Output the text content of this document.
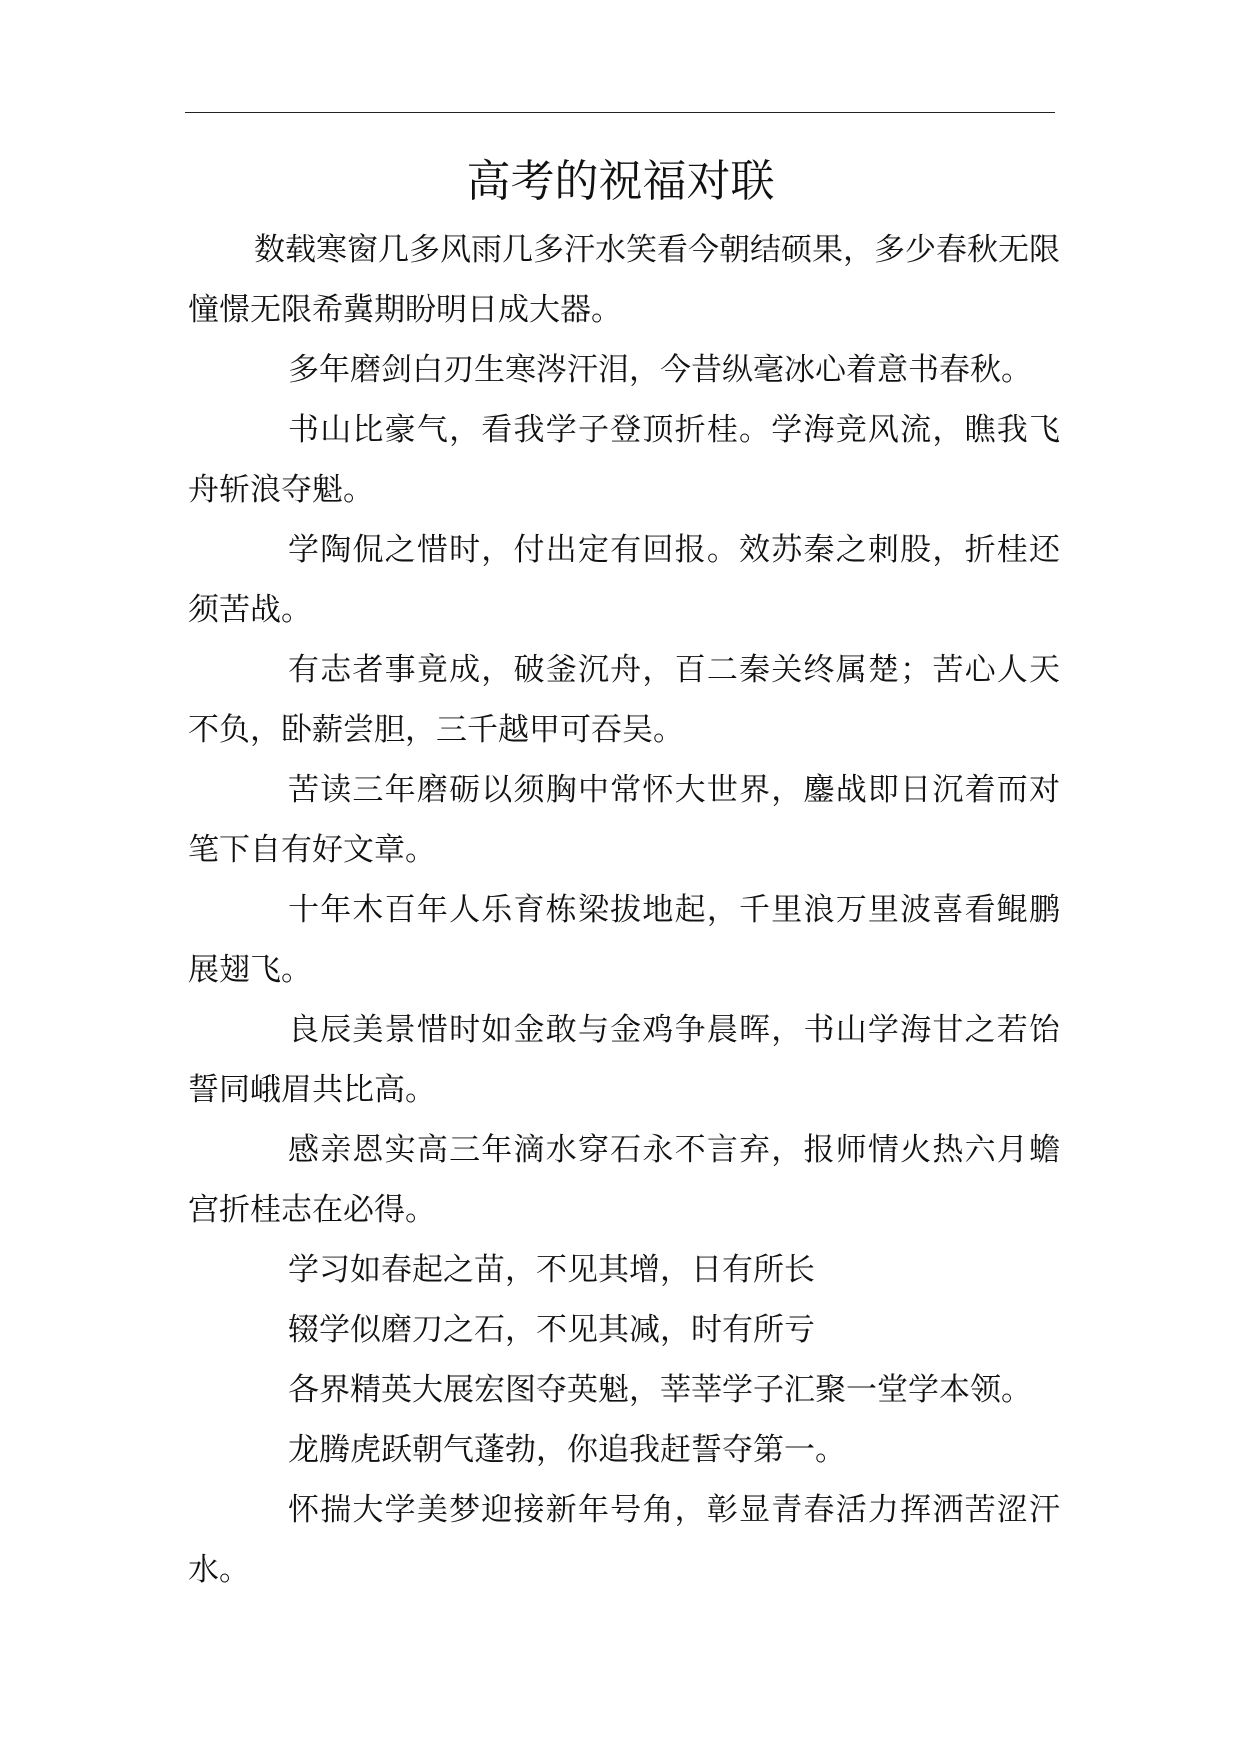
高考的祝福对联

数载寒窗几多风雨几多汗水笑看今朝结硕果，多少春秋无限憧憬无限希冀期盼明日成大器。

多年磨剑白刃生寒涔汗泪，今昔纵毫冰心着意书春秋。

书山比豪气，看我学子登顶折桂。学海竞风流，瞧我飞舟斩浪夺魁。

学陶侃之惜时，付出定有回报。效苏秦之刺股，折桂还须苦战。

有志者事竟成，破釜沉舟，百二秦关终属楚；苦心人天不负，卧薪尝胆，三千越甲可吞吴。

苦读三年磨砺以须胸中常怀大世界，鏖战即日沉着而对笔下自有好文章。

十年木百年人乐育栋梁拔地起，千里浪万里波喜看鲲鹏展翅飞。

良辰美景惜时如金敢与金鸡争晨晖，书山学海甘之若饴誓同峨眉共比高。

感亲恩实高三年滴水穿石永不言弃，报师情火热六月蟾宫折桂志在必得。

学习如春起之苗，不见其增，日有所长

辍学似磨刀之石，不见其减，时有所亏

各界精英大展宏图夺英魁，莘莘学子汇聚一堂学本领。

龙腾虎跃朝气蓬勃，你追我赶誓夺第一。

怀揣大学美梦迎接新年号角，彰显青春活力挥洒苦涩汗水。
